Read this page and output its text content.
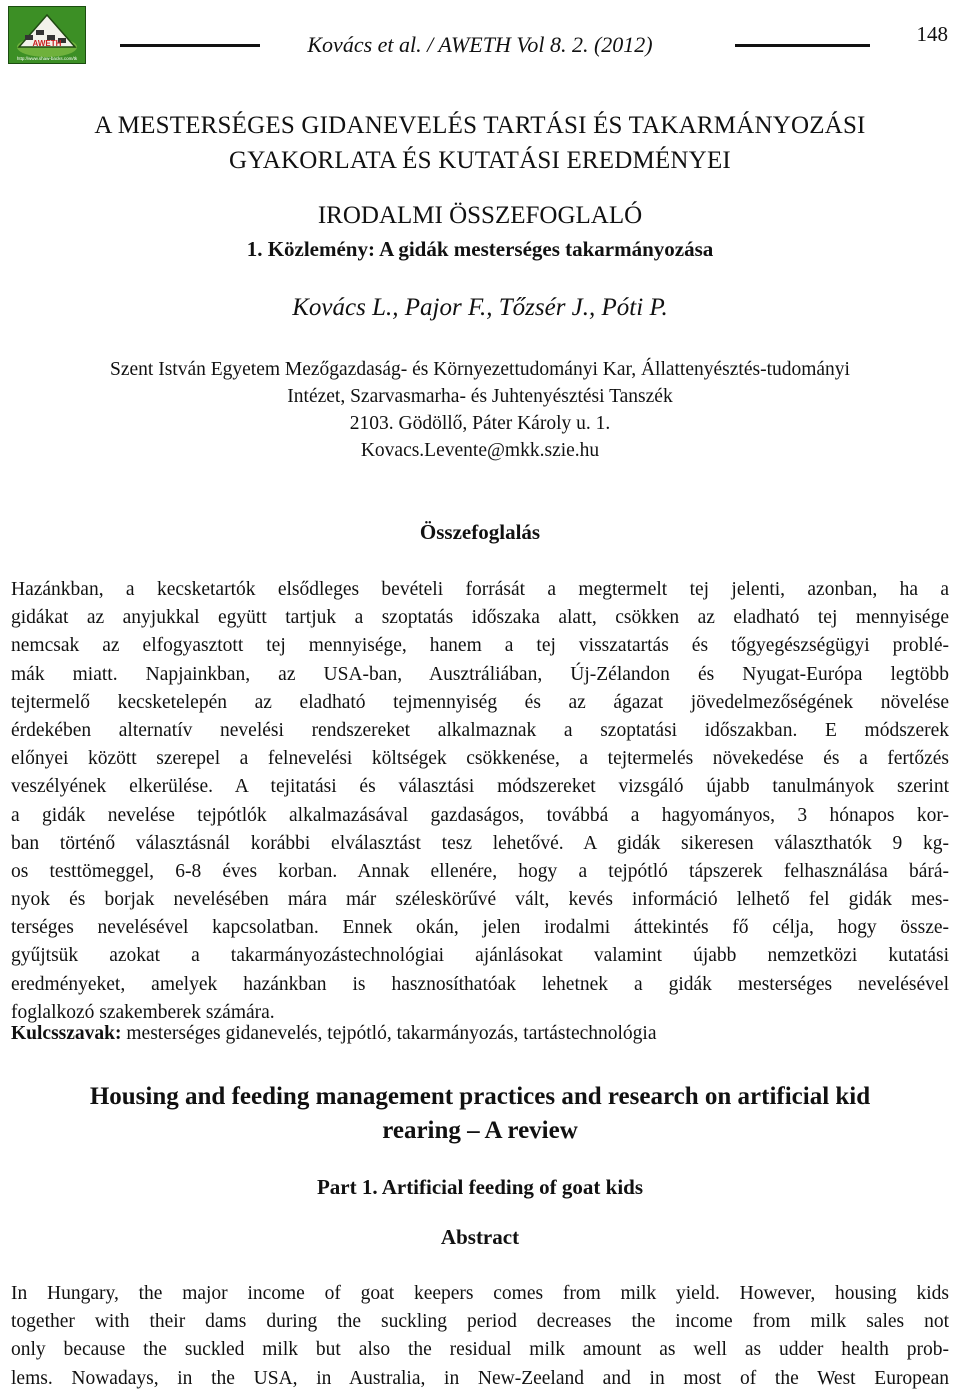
AWETH
http://www.shaw-backs.com/tk
Kovács et al. / AWETH Vol 8. 2. (2012)	148
A MESTERSÉGES GIDANEVELÉS TARTÁSI ÉS TAKARMÁNYOZÁSI
GYAKORLATA ÉS KUTATÁSI EREDMÉNYEI
IRODALMI ÖSSZEFOGLALÓ
1. Közlemény: A gidák mesterséges takarmányozása
Kovács L., Pajor F., Tőzsér J., Póti P.
Szent István Egyetem Mezőgazdaság- és Környezettudományi Kar, Állattenyésztés-tudományi
Intézet, Szarvasmarha- és Juhtenyésztési Tanszék
2103. Gödöllő, Páter Károly u. 1.
Kovacs.Levente@mkk.szie.hu
Összefoglalás
Hazánkban, a kecsketartók elsődleges bevételi forrását a megtermelt tej jelenti, azonban, ha a
gidákat az anyjukkal együtt tartjuk a szoptatás időszaka alatt, csökken az eladható tej mennyisége
nemcsak az elfogyasztott tej mennyisége, hanem a tej visszatartás és tőgyegészségügyi problé-
mák miatt. Napjainkban, az USA-ban, Ausztráliában, Új-Zélandon és Nyugat-Európa legtöbb
tejtermelő kecsketelepén az eladható tejmennyiség és az ágazat jövedelmezőségének növelése
érdekében alternatív nevelési rendszereket alkalmaznak a szoptatási időszakban. E módszerek
előnyei között szerepel a felnevelési költségek csökkenése, a tejtermelés növekedése és a fertőzés
veszélyének elkerülése. A tejitatási és választási módszereket vizsgáló újabb tanulmányok szerint
a gidák nevelése tejpótlók alkalmazásával gazdaságos, továbbá a hagyományos, 3 hónapos kor-
ban történő választásnál korábbi elválasztást tesz lehetővé. A gidák sikeresen választhatók 9 kg-
os testtömeggel, 6-8 éves korban. Annak ellenére, hogy a tejpótló tápszerek felhasználása bárá-
nyok és borjak nevelésében mára már széleskörűvé vált, kevés információ lelhető fel gidák mes-
terséges nevelésével kapcsolatban. Ennek okán, jelen irodalmi áttekintés fő célja, hogy össze-
gyűjtsük azokat a takarmányozástechnológiai ajánlásokat valamint újabb nemzetközi kutatási
eredményeket, amelyek hazánkban is hasznosíthatóak lehetnek a gidák mesterséges nevelésével
foglalkozó szakemberek számára.
Kulcsszavak: mesterséges gidanevelés, tejpótló, takarmányozás, tartástechnológia
Housing and feeding management practices and research on artificial kid
rearing – A review
Part 1. Artificial feeding of goat kids
Abstract
In Hungary, the major income of goat keepers comes from milk yield. However, housing kids
together with their dams during the suckling period decreases the income from milk sales not
only because the suckled milk but also the residual milk amount as well as udder health prob-
lems. Nowadays, in the USA, in Australia, in New-Zeeland and in most of the West European
